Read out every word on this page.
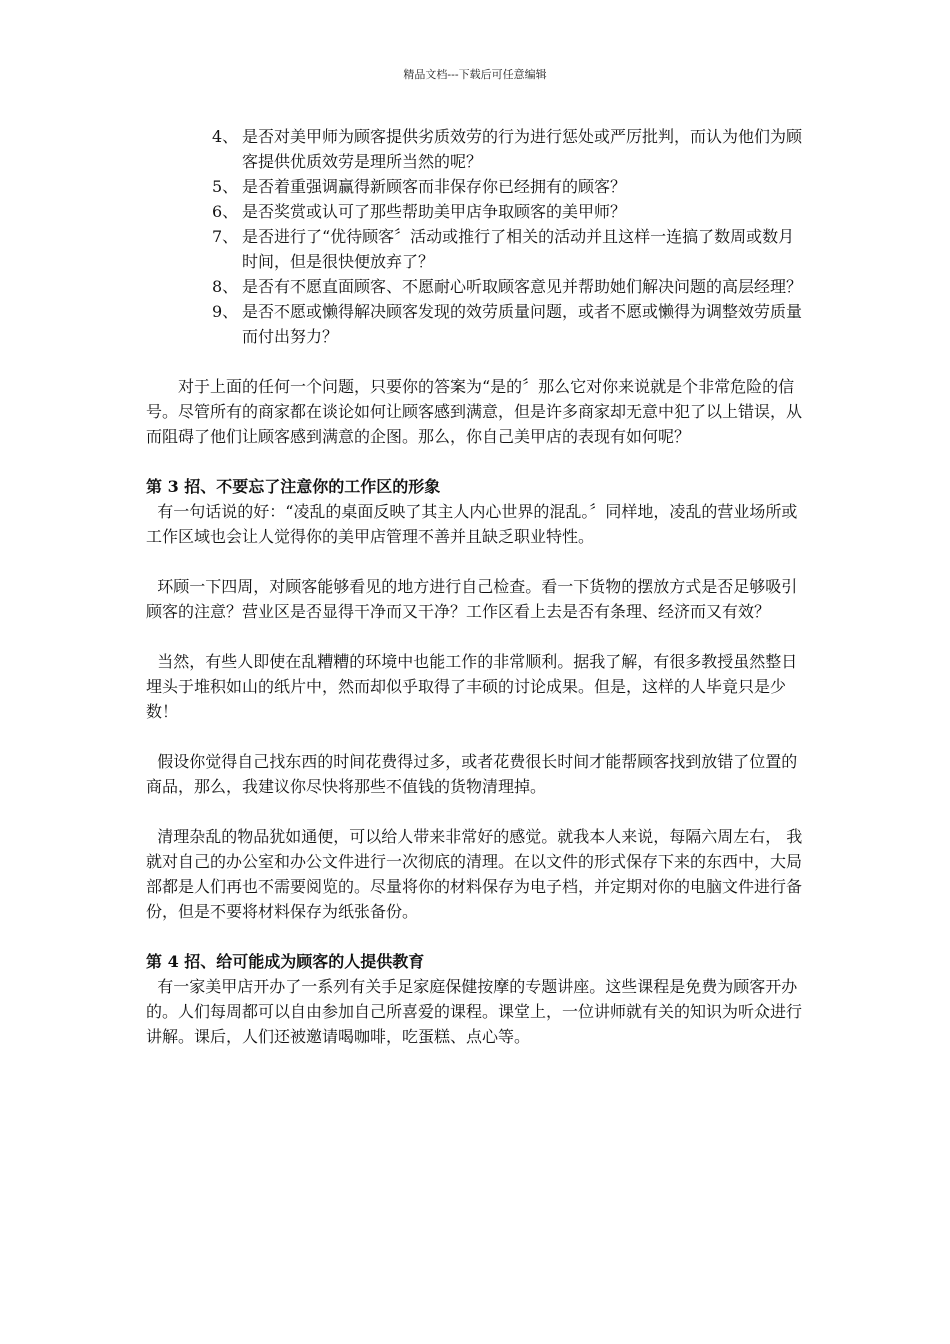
精品文档---下载后可任意编辑
4、 是否对美甲师为顾客提供劣质效劳的行为进行惩处或严厉批判，而认为他们为顾客提供优质效劳是理所当然的呢？
5、 是否着重强调赢得新顾客而非保存你已经拥有的顾客？
6、 是否奖赏或认可了那些帮助美甲店争取顾客的美甲师？
7、 是否进行了“优待顾客〞活动或推行了相关的活动并且这样一连搞了数周或数月时间，但是很快便放弃了？
8、 是否有不愿直面顾客、不愿耐心听取顾客意见并帮助她们解决问题的高层经理？
9、 是否不愿或懒得解决顾客发现的效劳质量问题，或者不愿或懒得为调整效劳质量而付出努力？

对于上面的任何一个问题，只要你的答案为“是的〞那么它对你来说就是个非常危险的信号。尽管所有的商家都在谈论如何让顾客感到满意，但是许多商家却无意中犯了以上错误，从而阻碍了他们让顾客感到满意的企图。那么，你自己美甲店的表现有如何呢？

第 3 招、不要忘了注意你的工作区的形象

有一句话说的好：“凌乱的桌面反映了其主人内心世界的混乱。〞同样地，凌乱的营业场所或工作区域也会让人觉得你的美甲店管理不善并且缺乏职业特性。

环顾一下四周，对顾客能够看见的地方进行自己检查。看一下货物的摆放方式是否足够吸引顾客的注意？营业区是否显得干净而又干净？工作区看上去是否有条理、经济而又有效？

当然，有些人即使在乱糟糟的环境中也能工作的非常顺利。据我了解，有很多教授虽然整日埋头于堆积如山的纸片中，然而却似乎取得了丰硕的讨论成果。但是，这样的人毕竟只是少数！

假设你觉得自己找东西的时间花费得过多，或者花费很长时间才能帮顾客找到放错了位置的商品，那么，我建议你尽快将那些不值钱的货物清理掉。

清理杂乱的物品犹如通便，可以给人带来非常好的感觉。就我本人来说，每隔六周左右， 我就对自己的办公室和办公文件进行一次彻底的清理。在以文件的形式保存下来的东西中，大局部都是人们再也不需要阅览的。尽量将你的材料保存为电子档，并定期对你的电脑文件进行备份，但是不要将材料保存为纸张备份。

第 4 招、给可能成为顾客的人提供教育

有一家美甲店开办了一系列有关手足家庭保健按摩的专题讲座。这些课程是免费为顾客开办的。人们每周都可以自由参加自己所喜爱的课程。课堂上，一位讲师就有关的知识为听众进行讲解。课后，人们还被邀请喝咖啡，吃蛋糕、点心等。
